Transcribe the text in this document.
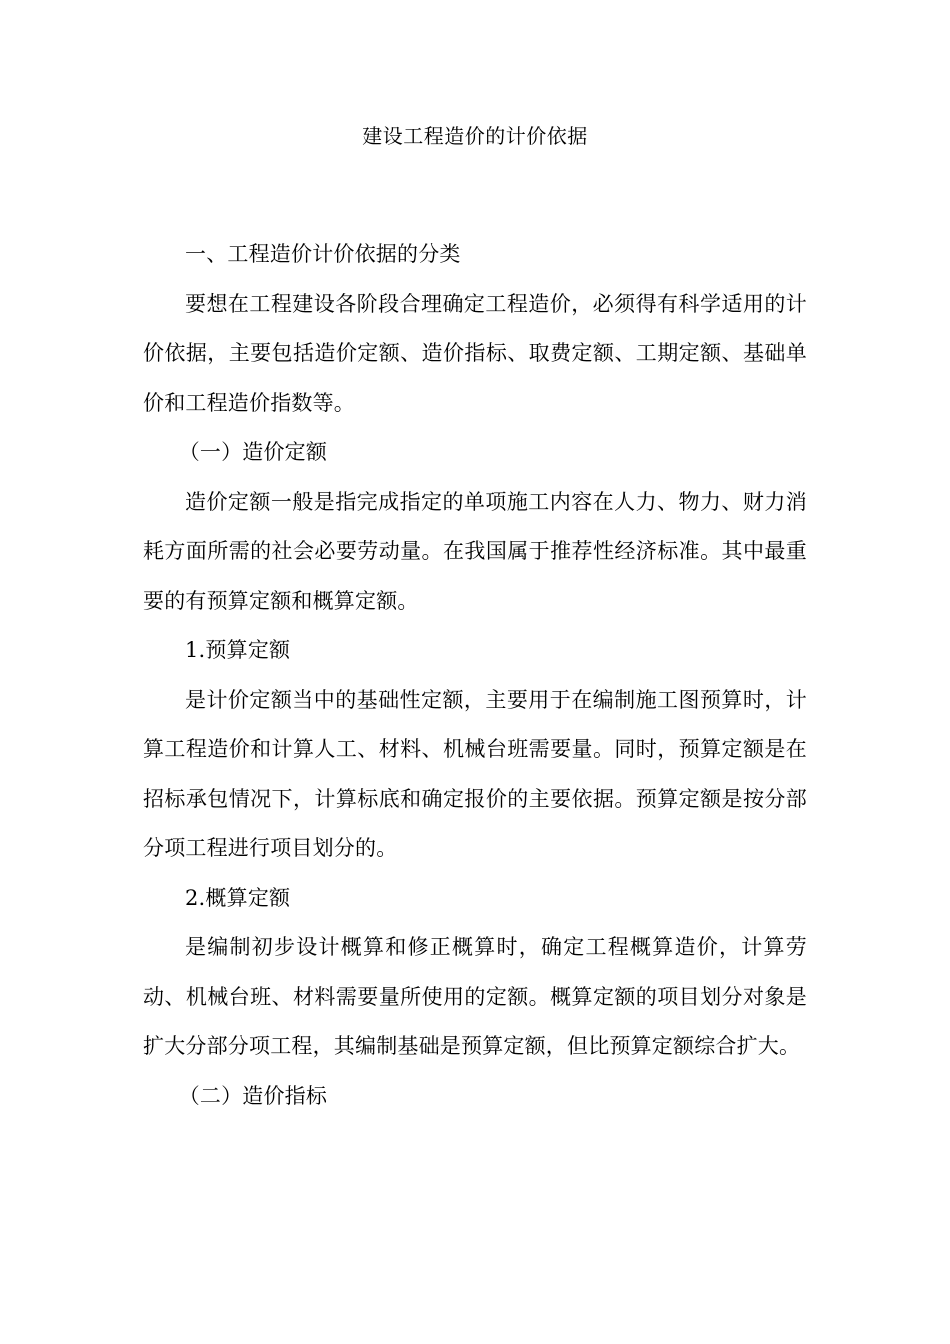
建设工程造价的计价依据

一、工程造价计价依据的分类

要想在工程建设各阶段合理确定工程造价，必须得有科学适用的计价依据，主要包括造价定额、造价指标、取费定额、工期定额、基础单价和工程造价指数等。

（一）造价定额

造价定额一般是指完成指定的单项施工内容在人力、物力、财力消耗方面所需的社会必要劳动量。在我国属于推荐性经济标准。其中最重要的有预算定额和概算定额。

1.预算定额

是计价定额当中的基础性定额，主要用于在编制施工图预算时，计算工程造价和计算人工、材料、机械台班需要量。同时，预算定额是在招标承包情况下，计算标底和确定报价的主要依据。预算定额是按分部分项工程进行项目划分的。

2.概算定额

是编制初步设计概算和修正概算时，确定工程概算造价，计算劳动、机械台班、材料需要量所使用的定额。概算定额的项目划分对象是扩大分部分项工程，其编制基础是预算定额，但比预算定额综合扩大。

（二）造价指标
